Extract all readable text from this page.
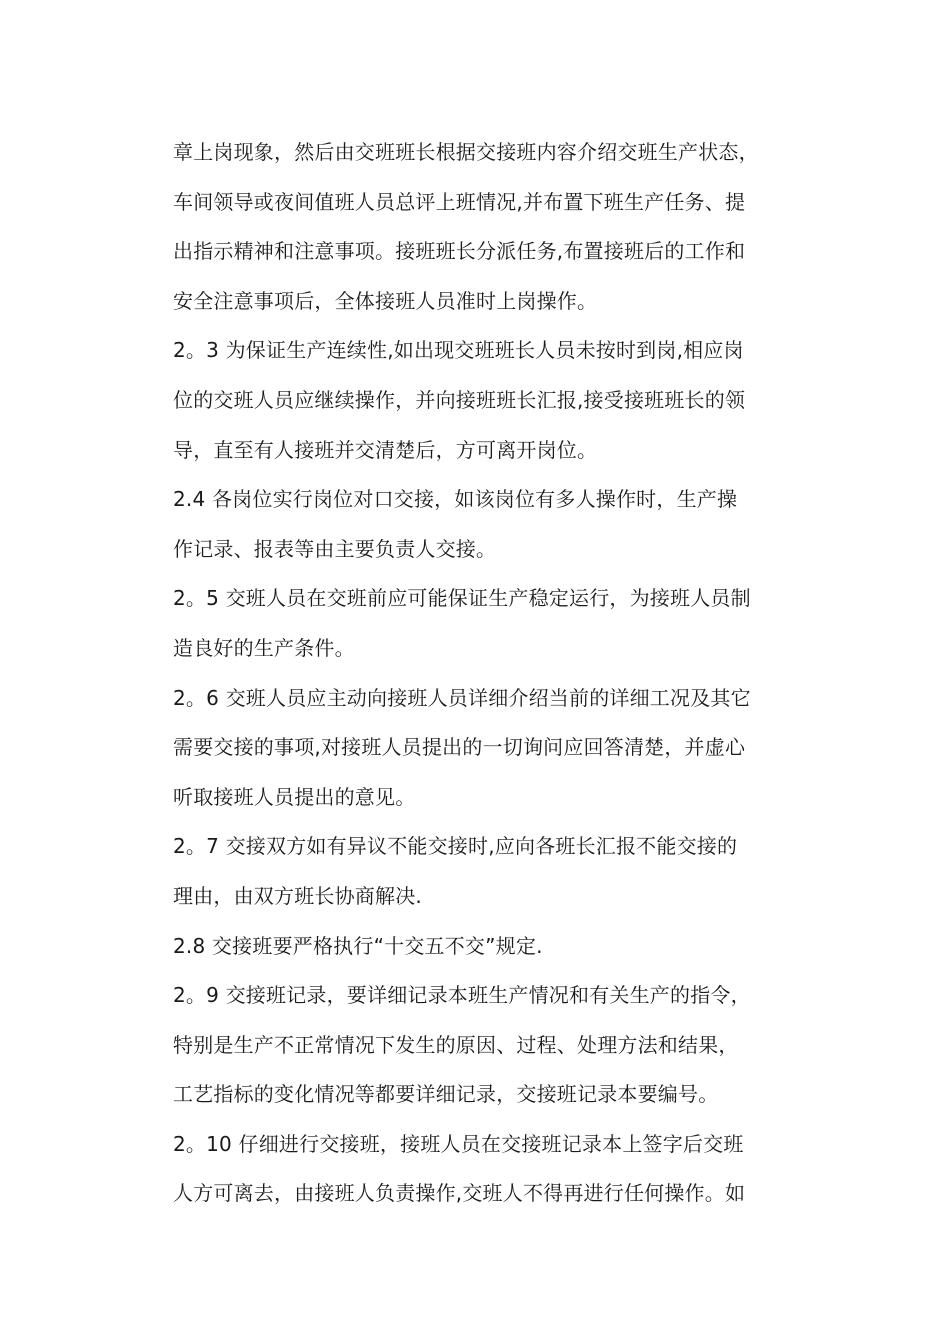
章上岗现象，然后由交班班长根据交接班内容介绍交班生产状态，
车间领导或夜间值班人员总评上班情况,并布置下班生产任务、提
出指示精神和注意事项。接班班长分派任务,布置接班后的工作和
安全注意事项后，全体接班人员准时上岗操作。
2。3 为保证生产连续性,如出现交班班长人员未按时到岗,相应岗
位的交班人员应继续操作，并向接班班长汇报,接受接班班长的领
导，直至有人接班并交清楚后，方可离开岗位。
2.4 各岗位实行岗位对口交接，如该岗位有多人操作时，生产操
作记录、报表等由主要负责人交接。
2。5 交班人员在交班前应可能保证生产稳定运行，为接班人员制
造良好的生产条件。
2。6 交班人员应主动向接班人员详细介绍当前的详细工况及其它
需要交接的事项,对接班人员提出的一切询问应回答清楚，并虚心
听取接班人员提出的意见。
2。7 交接双方如有异议不能交接时,应向各班长汇报不能交接的
理由，由双方班长协商解决.
2.8 交接班要严格执行“十交五不交”规定.
2。9 交接班记录，要详细记录本班生产情况和有关生产的指令，
特别是生产不正常情况下发生的原因、过程、处理方法和结果，
工艺指标的变化情况等都要详细记录，交接班记录本要编号。
2。10 仔细进行交接班，接班人员在交接班记录本上签字后交班
人方可离去，由接班人负责操作,交班人不得再进行任何操作。如
